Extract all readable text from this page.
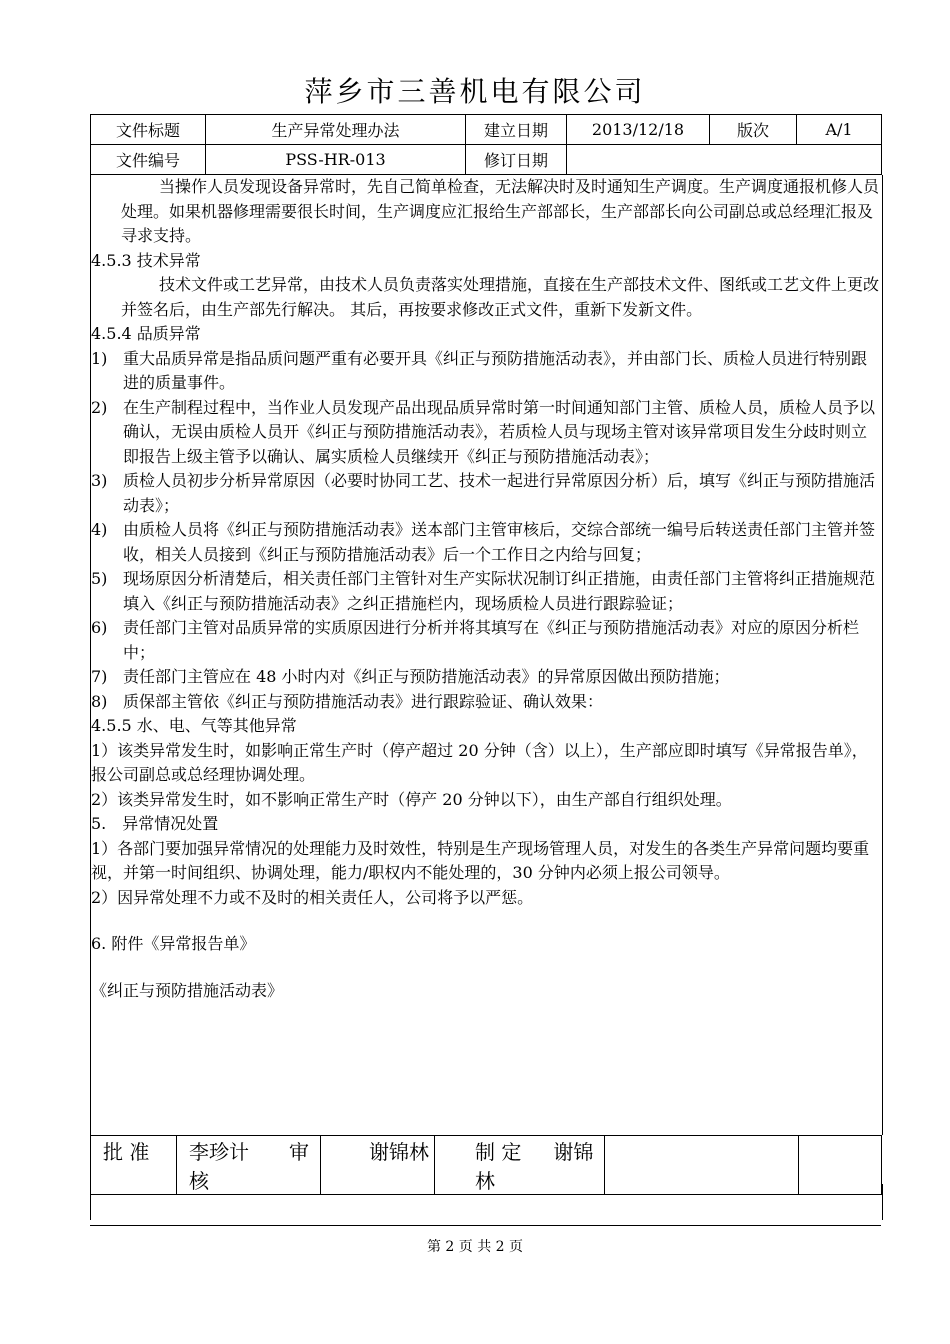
萍乡市三善机电有限公司
文件标题	生产异常处理办法	建立日期	2013/12/18	版次	A/1
文件编号	PSS-HR-013	修订日期			

当操作人员发现设备异常时，先自己简单检查，无法解决时及时通知生产调度。生产调度通报机修人员处理。如果机器修理需要很长时间，生产调度应汇报给生产部部长，生产部部长向公司副总或总经理汇报及寻求支持。

4.5.3 技术异常

技术文件或工艺异常，由技术人员负责落实处理措施，直接在生产部技术文件、图纸或工艺文件上更改并签名后，由生产部先行解决。 其后，再按要求修改正式文件，重新下发新文件。

4.5.4 品质异常

1) 重大品质异常是指品质问题严重有必要开具《纠正与预防措施活动表》，并由部门长、质检人员进行特别跟进的质量事件。

2) 在生产制程过程中，当作业人员发现产品出现品质异常时第一时间通知部门主管、质检人员，质检人员予以确认，无误由质检人员开《纠正与预防措施活动表》，若质检人员与现场主管对该异常项目发生分歧时则立即报告上级主管予以确认、属实质检人员继续开《纠正与预防措施活动表》；

3) 质检人员初步分析异常原因（必要时协同工艺、技术一起进行异常原因分析）后，填写《纠正与预防措施活动表》；

4) 由质检人员将《纠正与预防措施活动表》送本部门主管审核后，交综合部统一编号后转送责任部门主管并签收，相关人员接到《纠正与预防措施活动表》后一个工作日之内给与回复；

5) 现场原因分析清楚后，相关责任部门主管针对生产实际状况制订纠正措施，由责任部门主管将纠正措施规范填入《纠正与预防措施活动表》之纠正措施栏内，现场质检人员进行跟踪验证；

6) 责任部门主管对品质异常的实质原因进行分析并将其填写在《纠正与预防措施活动表》对应的原因分析栏中；

7) 责任部门主管应在 48 小时内对《纠正与预防措施活动表》的异常原因做出预防措施；

8) 质保部主管依《纠正与预防措施活动表》进行跟踪验证、确认效果：

4.5.5 水、电、气等其他异常

1）该类异常发生时，如影响正常生产时（停产超过 20 分钟（含）以上），生产部应即时填写《异常报告单》，报公司副总或总经理协调处理。

2）该类异常发生时，如不影响正常生产时（停产 20 分钟以下），由生产部自行组织处理。

5.　异常情况处置

1）各部门要加强异常情况的处理能力及时效性，特别是生产现场管理人员，对发生的各类生产异常问题均要重视，并第一时间组织、协调处理，能力/职权内不能处理的，30 分钟内必须上报公司领导。

2）因异常处理不力或不及时的相关责任人，公司将予以严惩。

6. 附件《异常报告单》

《纠正与预防措施活动表》

批 准	李珍计 审 核	谢锦林	制 定 谢锦林		
第 2 页 共 2 页
